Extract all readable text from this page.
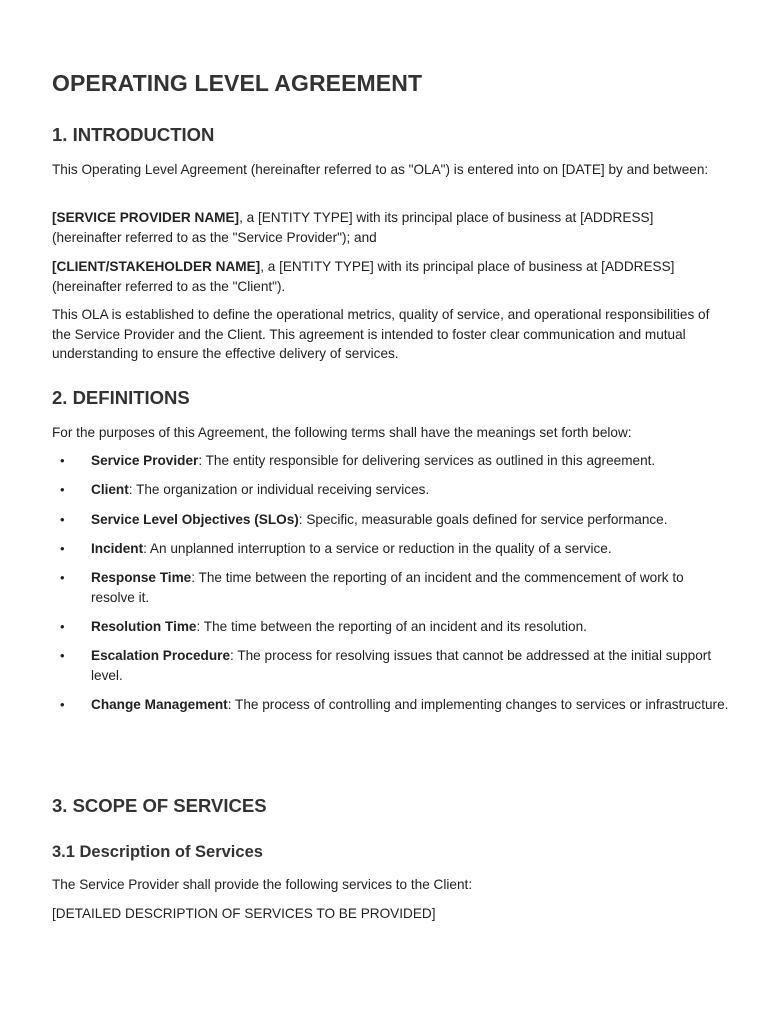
OPERATING LEVEL AGREEMENT
1. INTRODUCTION

This Operating Level Agreement (hereinafter referred to as "OLA") is entered into on [DATE] by and between:

[SERVICE PROVIDER NAME], a [ENTITY TYPE] with its principal place of business at [ADDRESS] (hereinafter referred to as the "Service Provider"); and

[CLIENT/STAKEHOLDER NAME], a [ENTITY TYPE] with its principal place of business at [ADDRESS] (hereinafter referred to as the "Client").

This OLA is established to define the operational metrics, quality of service, and operational responsibilities of the Service Provider and the Client. This agreement is intended to foster clear communication and mutual understanding to ensure the effective delivery of services.

2. DEFINITIONS

For the purposes of this Agreement, the following terms shall have the meanings set forth below:

• Service Provider: The entity responsible for delivering services as outlined in this agreement.
• Client: The organization or individual receiving services.
• Service Level Objectives (SLOs): Specific, measurable goals defined for service performance.
• Incident: An unplanned interruption to a service or reduction in the quality of a service.
• Response Time: The time between the reporting of an incident and the commencement of work to resolve it.
• Resolution Time: The time between the reporting of an incident and its resolution.
• Escalation Procedure: The process for resolving issues that cannot be addressed at the initial support level.
• Change Management: The process of controlling and implementing changes to services or infrastructure.
3. SCOPE OF SERVICES
3.1 Description of Services

The Service Provider shall provide the following services to the Client:

[DETAILED DESCRIPTION OF SERVICES TO BE PROVIDED]
